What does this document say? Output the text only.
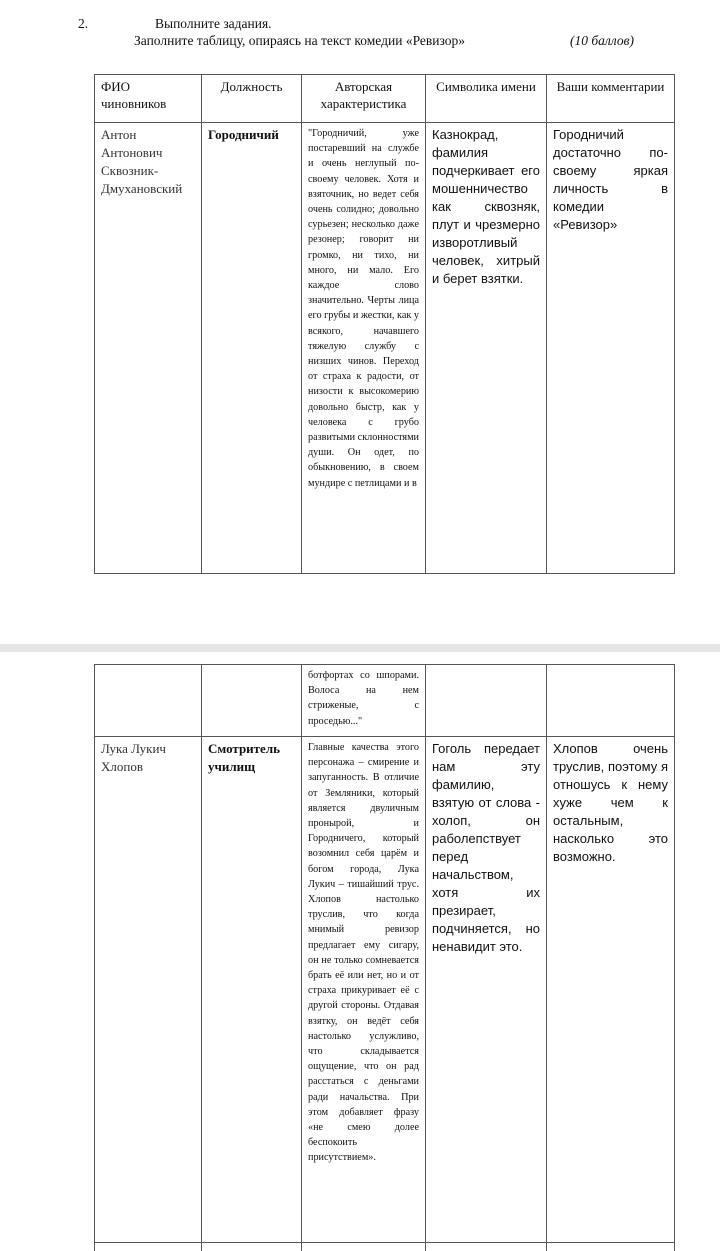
2.	Выполните задания.
Заполните таблицу, опираясь на текст комедии «Ревизор»	(10 баллов)
ФИО чиновников	Должность	Авторская характеристика	Символика имени	Ваши комментарии
Антон Антонович Сквозник-Дмухановский	Городничий	"Городничий, уже постаревший на службе и очень неглупый по-своему человек. Хотя и взяточник, но ведет себя очень солидно; довольно сурьезен; несколько даже резонер; говорит ни громко, ни тихо, ни много, ни мало. Его каждое слово значительно. Черты лица его грубы и жестки, как у всякого, начавшего тяжелую службу с низших чинов. Переход от страха к радости, от низости к высокомерию довольно быстр, как у человека с грубо развитыми склонностями души. Он одет, по обыкновению, в своем мундире с петлицами и в	Казнокрад, фамилия подчеркивает его мошенничество как сквозняк, плут и чрезмерно изворотливый человек, хитрый и берет взятки.	Городничий достаточно по-своему яркая личность в комедии «Ревизор»
		ботфортах со шпорами. Волоса на нем стриженые, с проседью..."		
Лука Лукич Хлопов	Смотритель училищ	Главные качества этого персонажа – смирение и запуганность. В отличие от Земляники, который является двуличным пронырой, и Городничего, который возомнил себя царём и богом города, Лука Лукич – тишайший трус. Хлопов настолько труслив, что когда мнимый ревизор предлагает ему сигару, он не только сомневается брать её или нет, но и от страха прикуривает её с другой стороны. Отдавая взятку, он ведёт себя настолько услужливо, что складывается ощущение, что он рад расстаться с деньгами ради начальства. При этом добавляет фразу «не смею долее беспокоить присутствием».	Гоголь передает нам эту фамилию, взятую от слова - холоп, он раболепствует перед начальством, хотя их презирает, подчиняется, но ненавидит это.	Хлопов очень труслив, поэтому я отношусь к нему хуже чем к остальным, насколько это возможно.
